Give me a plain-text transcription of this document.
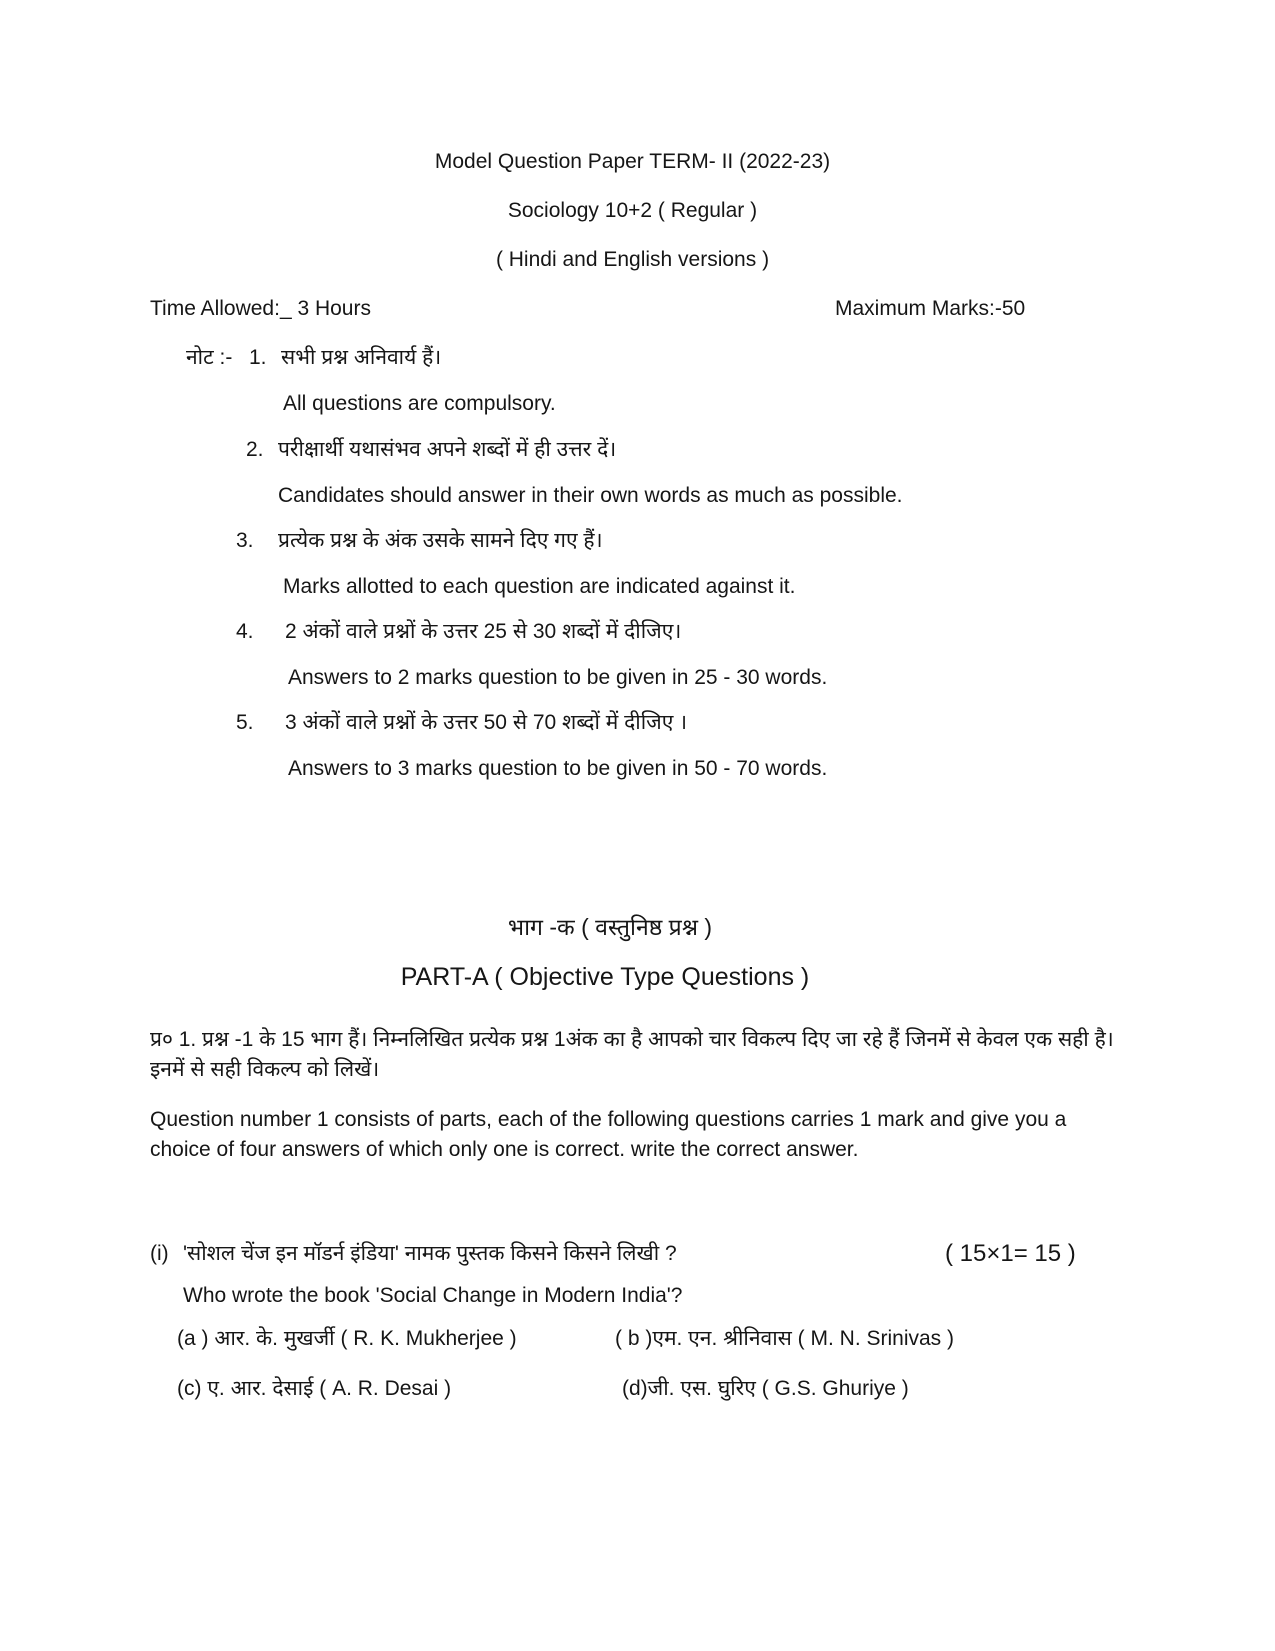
Model Question Paper TERM- II (2022-23)
Sociology 10+2 ( Regular )
( Hindi and English versions )
Time Allowed:_ 3 Hours	Maximum Marks:-50
नोट :- 1. सभी प्रश्न अनिवार्य हैं।
All questions are compulsory.
2. परीक्षार्थी यथासंभव अपने शब्दों में ही उत्तर दें।
Candidates should answer in their own words as much as possible.
3. प्रत्येक प्रश्न के अंक उसके सामने दिए गए हैं।
Marks allotted to each question are indicated against it.
4. 2 अंकों वाले प्रश्नों के उत्तर 25 से 30 शब्दों में दीजिए।
Answers to 2 marks question to be given in 25 - 30 words.
5. 3 अंकों वाले प्रश्नों के उत्तर 50 से 70 शब्दों में दीजिए ।
Answers to 3 marks question to be given in 50 - 70 words.
भाग -क ( वस्तुनिष्ठ प्रश्न )
PART-A ( Objective Type Questions )
प्र० 1. प्रश्न -1 के 15 भाग हैं। निम्नलिखित प्रत्येक प्रश्न 1अंक का है आपको चार विकल्प दिए जा रहे हैं जिनमें से केवल एक सही है। इनमें से सही विकल्प को लिखें।
Question number 1 consists of parts, each of the following questions carries 1 mark and give you a choice of four answers of which only one is correct. write the correct answer.
(i) 'सोशल चेंज इन मॉडर्न इंडिया' नामक पुस्तक किसने किसने लिखी ?	( 15×1= 15 )
Who wrote the book 'Social Change in Modern India'?
(a ) आर. के. मुखर्जी ( R. K. Mukherjee )	( b )एम. एन. श्रीनिवास ( M. N. Srinivas )
(c) ए. आर. देसाई ( A. R. Desai )	(d)जी. एस. घुरिए ( G.S. Ghuriye )
